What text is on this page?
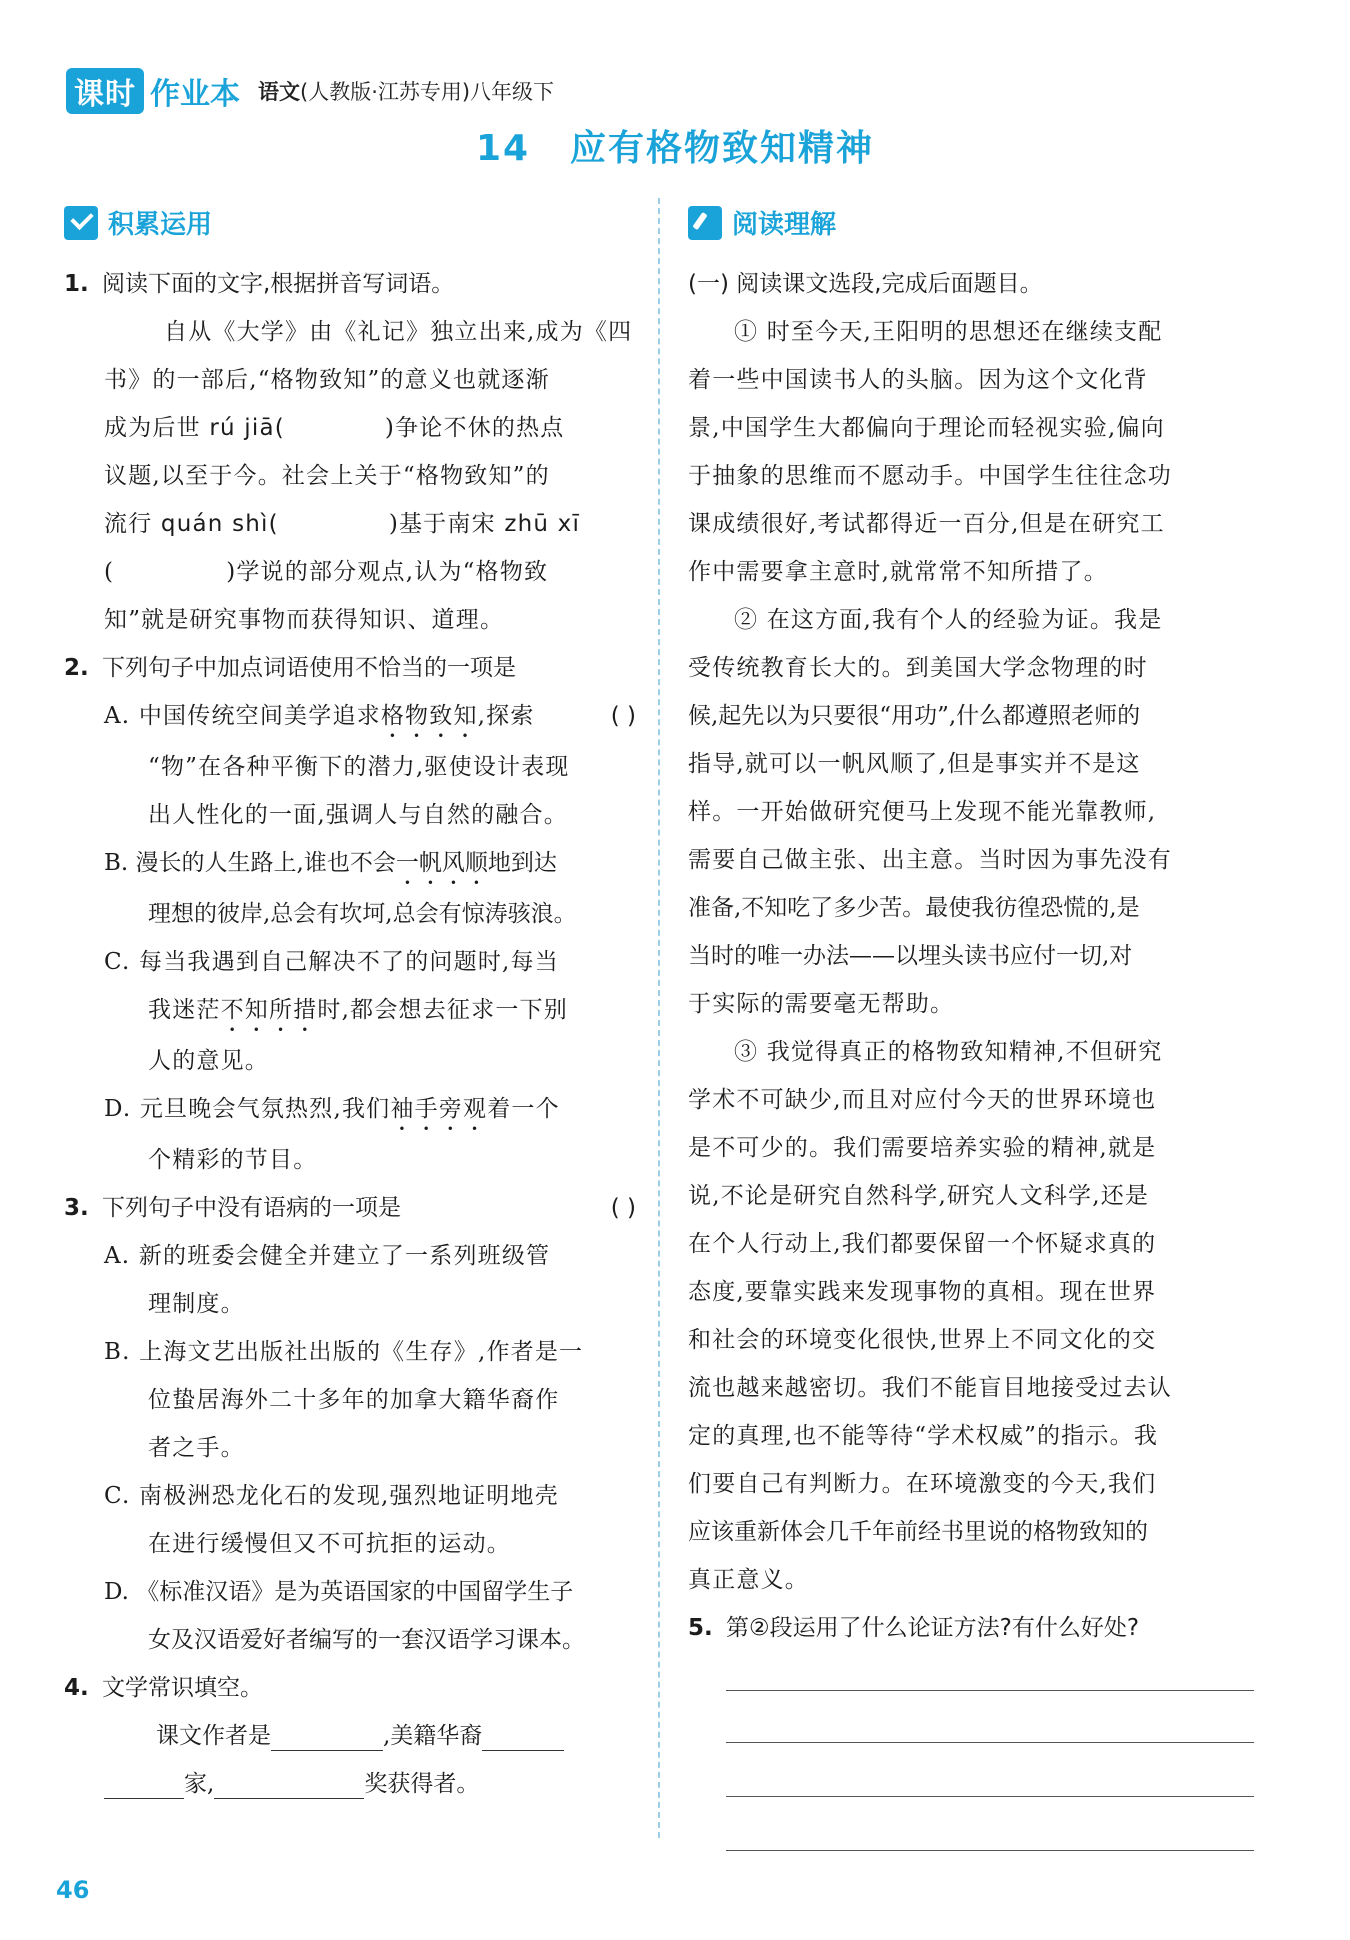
课时 作业本 语文(人教版·江苏专用)八年级下
14 应有格物致知精神
积累运用	阅读理解
1. 阅读下面的文字,根据拼音写词语。
自从《大学》由《礼记》独立出来,成为《四
书》的一部后,“格物致知”的意义也就逐渐
成为后世 rú jiā(	)争论不休的热点
议题,以至于今。社会上关于“格物致知”的
流行 quán shì(	)基于南宋 zhū xī
(	)学说的部分观点,认为“格物致
知”就是研究事物而获得知识、道理。
2. 下列句子中加点词语使用不恰当的一项是
( )
A. 中国传统空间美学追求格物致知,探索
“物”在各种平衡下的潜力,驱使设计表现
出人性化的一面,强调人与自然的融合。
B. 漫长的人生路上,谁也不会一帆风顺地到达
理想的彼岸,总会有坎坷,总会有惊涛骇浪。
C. 每当我遇到自己解决不了的问题时,每当
我迷茫不知所措时,都会想去征求一下别
人的意见。
D. 元旦晚会气氛热烈,我们袖手旁观着一个
个精彩的节目。
3. 下列句子中没有语病的一项是	( )
A. 新的班委会健全并建立了一系列班级管
理制度。
B. 上海文艺出版社出版的《生存》,作者是一
位蛰居海外二十多年的加拿大籍华裔作
者之手。
C. 南极洲恐龙化石的发现,强烈地证明地壳
在进行缓慢但又不可抗拒的运动。
D. 《标准汉语》是为英语国家的中国留学生子
女及汉语爱好者编写的一套汉语学习课本。
4. 文学常识填空。
课文作者是	,美籍华裔
家,	奖获得者。
(一) 阅读课文选段,完成后面题目。
① 时至今天,王阳明的思想还在继续支配
着一些中国读书人的头脑。因为这个文化背
景,中国学生大都偏向于理论而轻视实验,偏向
于抽象的思维而不愿动手。中国学生往往念功
课成绩很好,考试都得近一百分,但是在研究工
作中需要拿主意时,就常常不知所措了。
② 在这方面,我有个人的经验为证。我是
受传统教育长大的。到美国大学念物理的时
候,起先以为只要很“用功”,什么都遵照老师的
指导,就可以一帆风顺了,但是事实并不是这
样。一开始做研究便马上发现不能光靠教师,
需要自己做主张、出主意。当时因为事先没有
准备,不知吃了多少苦。最使我彷徨恐慌的,是
当时的唯一办法——以埋头读书应付一切,对
于实际的需要毫无帮助。
③ 我觉得真正的格物致知精神,不但研究
学术不可缺少,而且对应付今天的世界环境也
是不可少的。我们需要培养实验的精神,就是
说,不论是研究自然科学,研究人文科学,还是
在个人行动上,我们都要保留一个怀疑求真的
态度,要靠实践来发现事物的真相。现在世界
和社会的环境变化很快,世界上不同文化的交
流也越来越密切。我们不能盲目地接受过去认
定的真理,也不能等待“学术权威”的指示。我
们要自己有判断力。在环境激变的今天,我们
应该重新体会几千年前经书里说的格物致知的
真正意义。
5. 第②段运用了什么论证方法?有什么好处?
46
